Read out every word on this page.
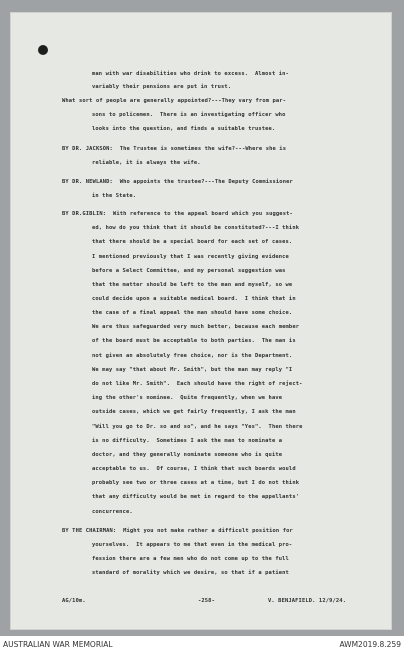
man with war disabilities who drink to excess.  Almost in-
variably their pensions are put in trust.
What sort of people are generally appointed?---They vary from par-
sons to policemen.  There is an investigating officer who
looks into the question, and finds a suitable trustee.
BY DR. JACKSON:  The Trustee is sometimes the wife?---Where she is
reliable, it is always the wife.
BY DR. NEWLAND:  Who appoints the trustee?---The Deputy Commissioner
in the State.
BY DR.GIBLIN:  With reference to the appeal board which you suggest-
ed, how do you think that it should be constituted?---I think
that there should be a special board for each set of cases.
I mentioned previously that I was recently giving evidence
before a Select Committee, and my personal suggestion was
that the matter should be left to the man and myself, so we
could decide upon a suitable medical board.  I think that in
the case of a final appeal the man should have some choice.
We are thus safeguarded very much better, because each member
of the board must be acceptable to both parties.  The man is
not given an absolutely free choice, nor is the Department.
We may say "that about Mr. Smith", but the man may reply "I
do not like Mr. Smith".  Each should have the right of reject-
ing the other's nominee.  Quite frequently, when we have
outside cases, which we get fairly frequently, I ask the man
"Will you go to Dr. so and so", and he says "Yes".  Then there
is no difficulty.  Sometimes I ask the man to nominate a
doctor, and they generally nominate someone who is quite
acceptable to us.  Of course, I think that such boards would
probably see two or three cases at a time, but I do not think
that any difficulty would be met in regard to the appellants'
concurrence.
BY THE CHAIRMAN:  Might you not make rather a difficult position for
yourselves.  It appears to me that even in the medical pro-
fession there are a few men who do not come up to the full
standard of morality which we desire, so that if a patient
AG/10m.	-258-	V. BENJAFIELD. 12/9/24.
AUSTRALIAN WAR MEMORIAL	AWM2019.8.259
